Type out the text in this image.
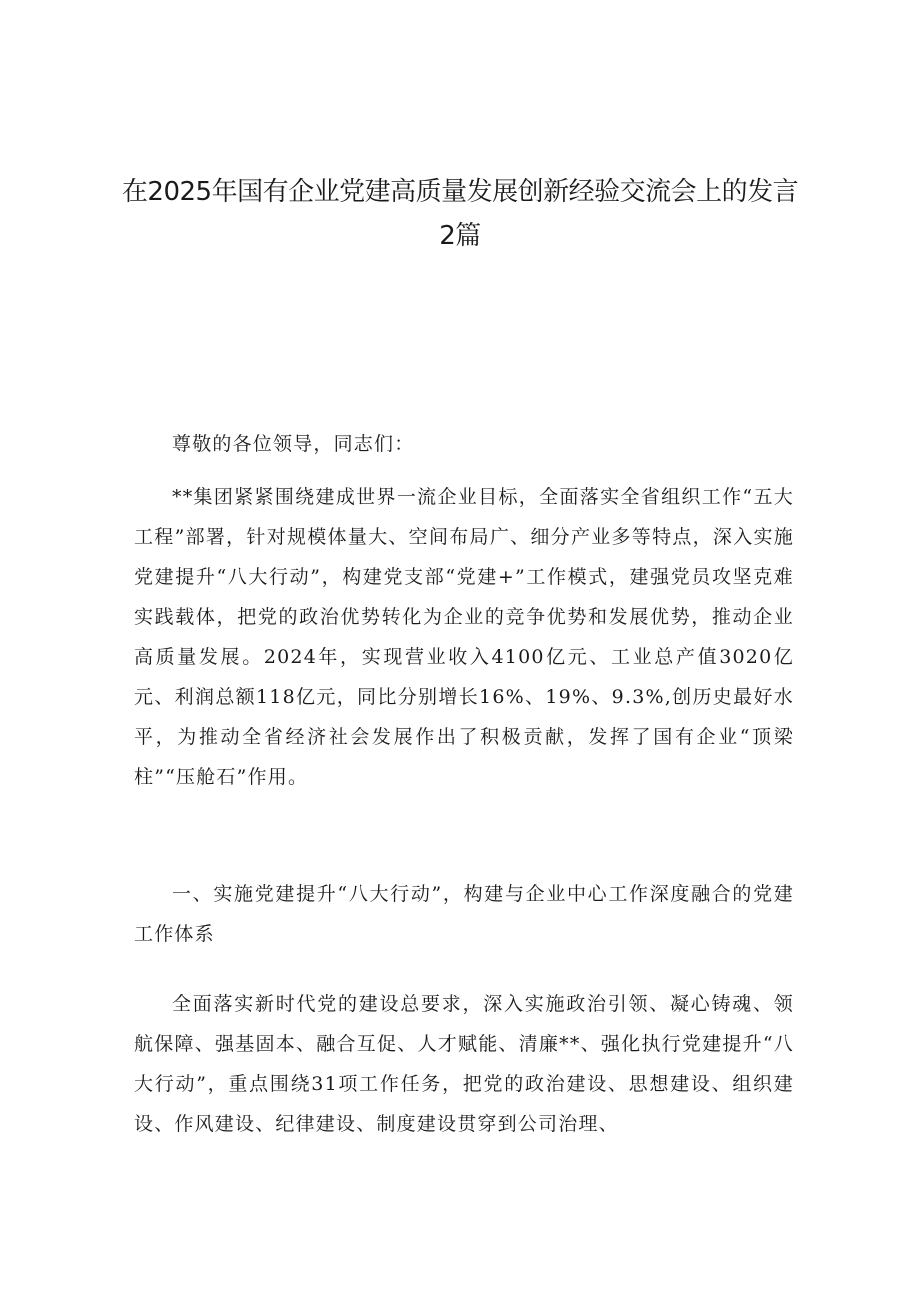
在2025年国有企业党建高质量发展创新经验交流会上的发言2篇

尊敬的各位领导，同志们：

**集团紧紧围绕建成世界一流企业目标，全面落实全省组织工作“五大工程”部署，针对规模体量大、空间布局广、细分产业多等特点，深入实施党建提升“八大行动”，构建党支部“党建+”工作模式，建强党员攻坚克难实践载体，把党的政治优势转化为企业的竞争优势和发展优势，推动企业高质量发展。2024年，实现营业收入4100亿元、工业总产值3020亿元、利润总额118亿元，同比分别增长16%、19%、9.3%,创历史最好水平，为推动全省经济社会发展作出了积极贡献，发挥了国有企业“顶梁柱”“压舱石”作用。

一、实施党建提升“八大行动”，构建与企业中心工作深度融合的党建工作体系

全面落实新时代党的建设总要求，深入实施政治引领、凝心铸魂、领航保障、强基固本、融合互促、人才赋能、清廉**、强化执行党建提升“八大行动”，重点围绕31项工作任务，把党的政治建设、思想建设、组织建设、作风建设、纪律建设、制度建设贯穿到公司治理、
